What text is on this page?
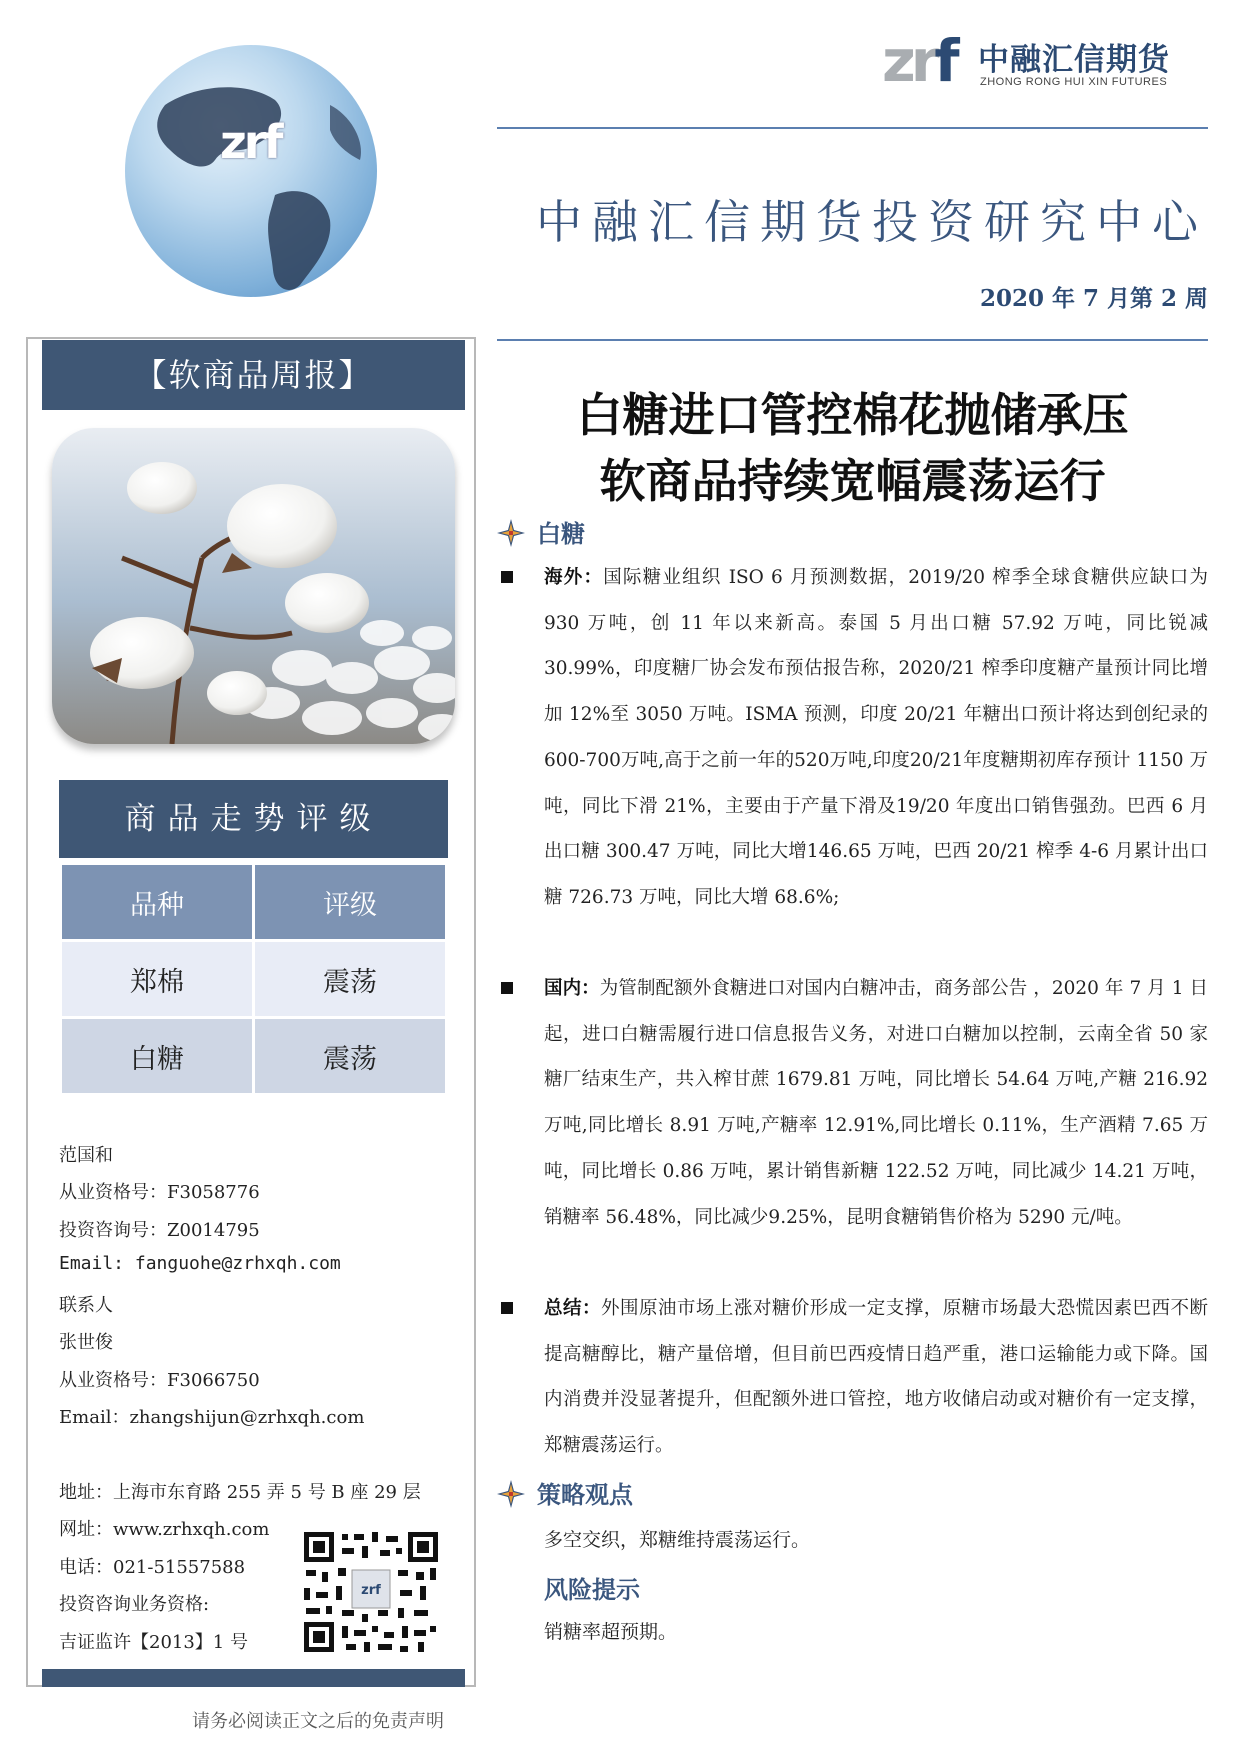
zrf
zrf 中融汇信期货
ZHONG RONG HUI XIN FUTURES
中融汇信期货投资研究中心
2020 年 7 月第 2 周
【软商品周报】
商品走势评级
品种	评级
郑棉	震荡
白糖	震荡
范国和
从业资格号：F3058776
投资咨询号：Z0014795
Email: fanguohe@zrhxqh.com
联系人
张世俊
从业资格号：F3066750
Email：zhangshijun@zrhxqh.com
地址：上海市东育路 255 弄 5 号 B 座 29 层
网址：www.zrhxqh.com
电话：021-51557588
投资咨询业务资格:
吉证监许【2013】1 号
zrf
请务必阅读正文之后的免责声明
白糖进口管控棉花抛储承压
软商品持续宽幅震荡运行
白糖
海外：国际糖业组织 ISO 6 月预测数据，2019/20 榨季全球食糖供应缺口为 930 万吨，创 11 年以来新高。泰国 5 月出口糖 57.92 万吨，同比锐减 30.99%，印度糖厂协会发布预估报告称，2020/21 榨季印度糖产量预计同比增加 12%至 3050 万吨。ISMA 预测，印度 20/21 年糖出口预计将达到创纪录的600-700万吨,高于之前一年的520万吨,印度20/21年度糖期初库存预计 1150 万吨，同比下滑 21%，主要由于产量下滑及19/20 年度出口销售强劲。巴西 6 月出口糖 300.47 万吨，同比大增146.65 万吨，巴西 20/21 榨季 4-6 月累计出口糖 726.73 万吨，同比大增 68.6%;
国内：为管制配额外食糖进口对国内白糖冲击，商务部公告 ，2020 年 7 月 1 日起，进口白糖需履行进口信息报告义务，对进口白糖加以控制，云南全省 50 家糖厂结束生产，共入榨甘蔗 1679.81 万吨，同比增长 54.64 万吨,产糖 216.92 万吨,同比增长 8.91 万吨,产糖率 12.91%,同比增长 0.11%，生产酒精 7.65 万吨，同比增长 0.86 万吨，累计销售新糖 122.52 万吨，同比减少 14.21 万吨，销糖率 56.48%，同比减少9.25%，昆明食糖销售价格为 5290 元/吨。
总结：外围原油市场上涨对糖价形成一定支撑，原糖市场最大恐慌因素巴西不断提高糖醇比，糖产量倍增，但目前巴西疫情日趋严重，港口运输能力或下降。国内消费并没显著提升，但配额外进口管控，地方收储启动或对糖价有一定支撑，郑糖震荡运行。
策略观点
多空交织，郑糖维持震荡运行。
风险提示
销糖率超预期。
